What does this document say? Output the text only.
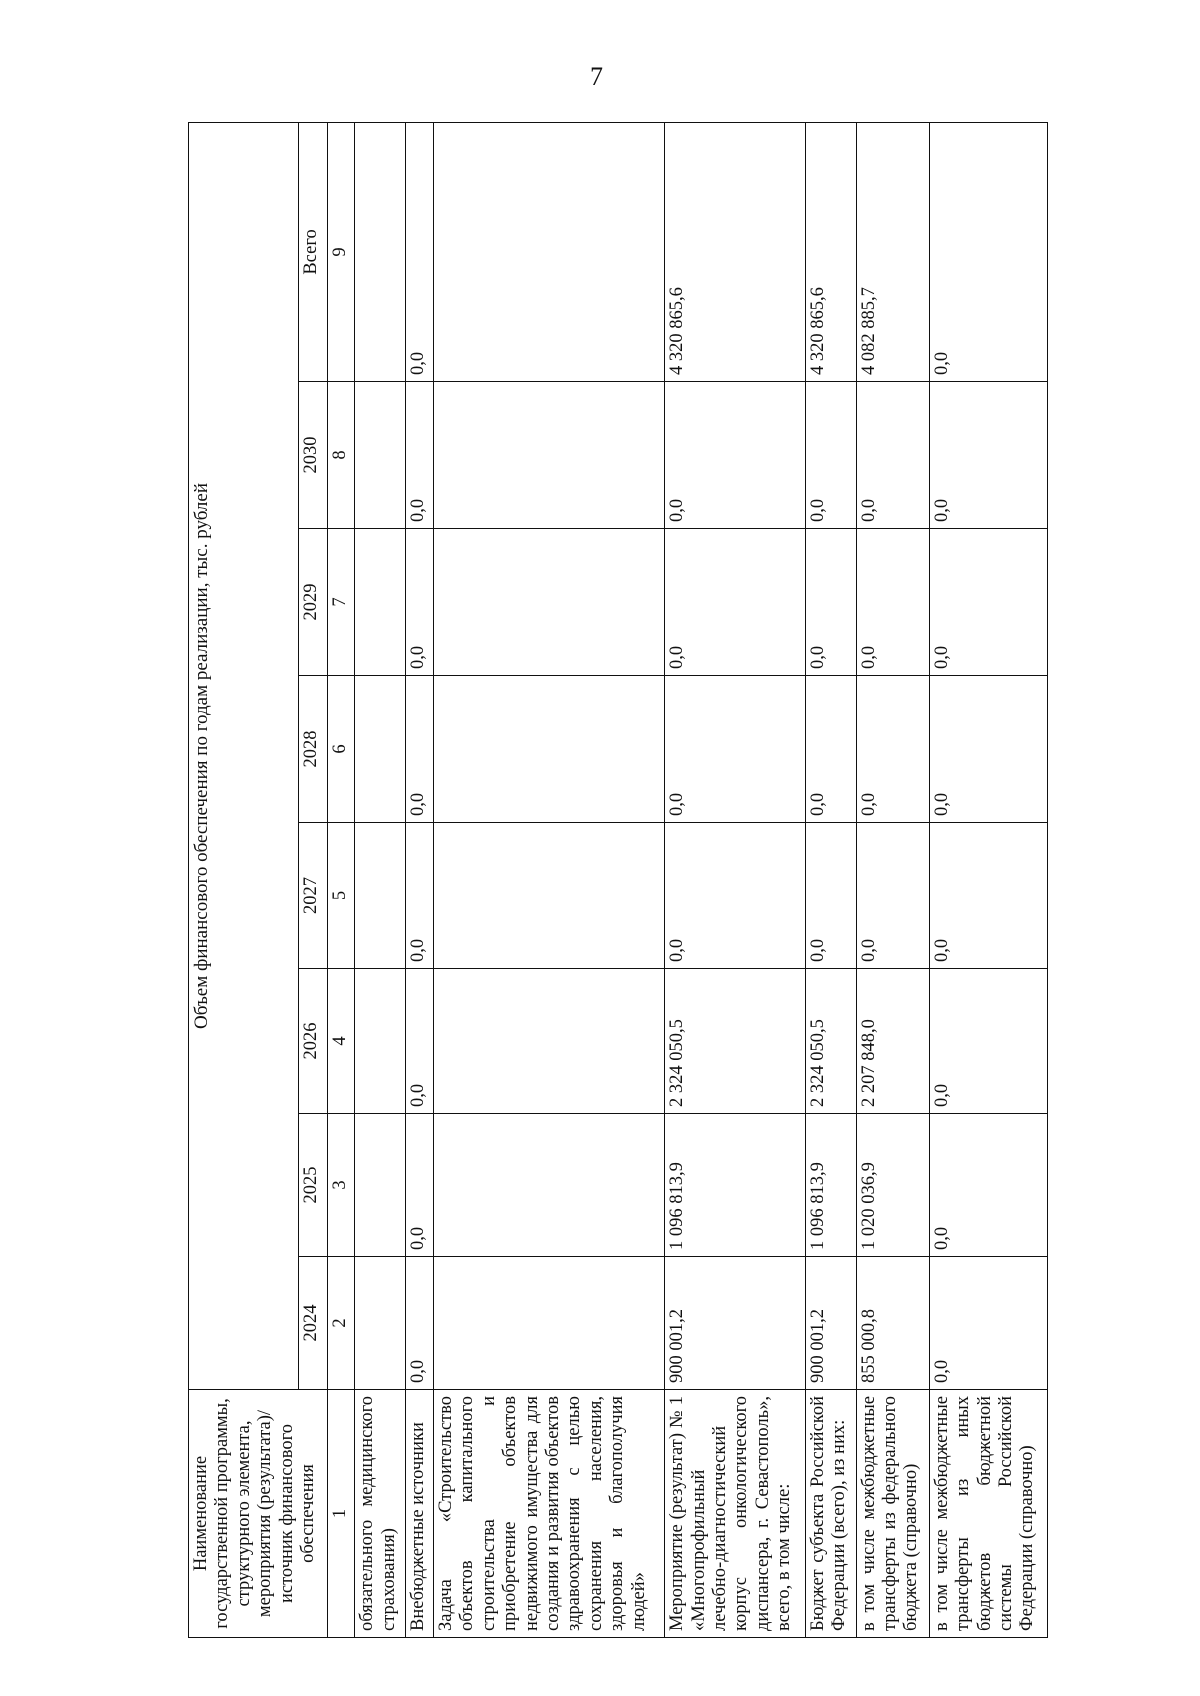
7
Наименование государственной программы, структурного элемента, мероприятия (результата)/источник финансового обеспечения	Объем финансового обеспечения по годам реализации, тыс. рублей							
	2024	2025	2026	2027	2028	2029	2030	Всего
1	2	3	4	5	6	7	8	9
обязательного медицинского страхования)								
Внебюджетные источники	0,0	0,0	0,0	0,0	0,0	0,0	0,0	0,0
Задача «Строительство объектов капитального строительства и приобретение объектов недвижимого имущества для создания и развития объектов здравоохранения с целью сохранения населения, здоровья и благополучия людей»								
Мероприятие (результат) № 1 «Многопрофильный лечебно-диагностический корпус онкологического диспансера, г. Севастополь», всего, в том числе:	900 001,2	1 096 813,9	2 324 050,5	0,0	0,0	0,0	0,0	4 320 865,6
Бюджет субъекта Российской Федерации (всего), из них:	900 001,2	1 096 813,9	2 324 050,5	0,0	0,0	0,0	0,0	4 320 865,6
в том числе межбюджетные трансферты из федерального бюджета (справочно)	855 000,8	1 020 036,9	2 207 848,0	0,0	0,0	0,0	0,0	4 082 885,7
в том числе межбюджетные трансферты из иных бюджетов бюджетной системы Российской Федерации (справочно)	0,0	0,0	0,0	0,0	0,0	0,0	0,0	0,0
